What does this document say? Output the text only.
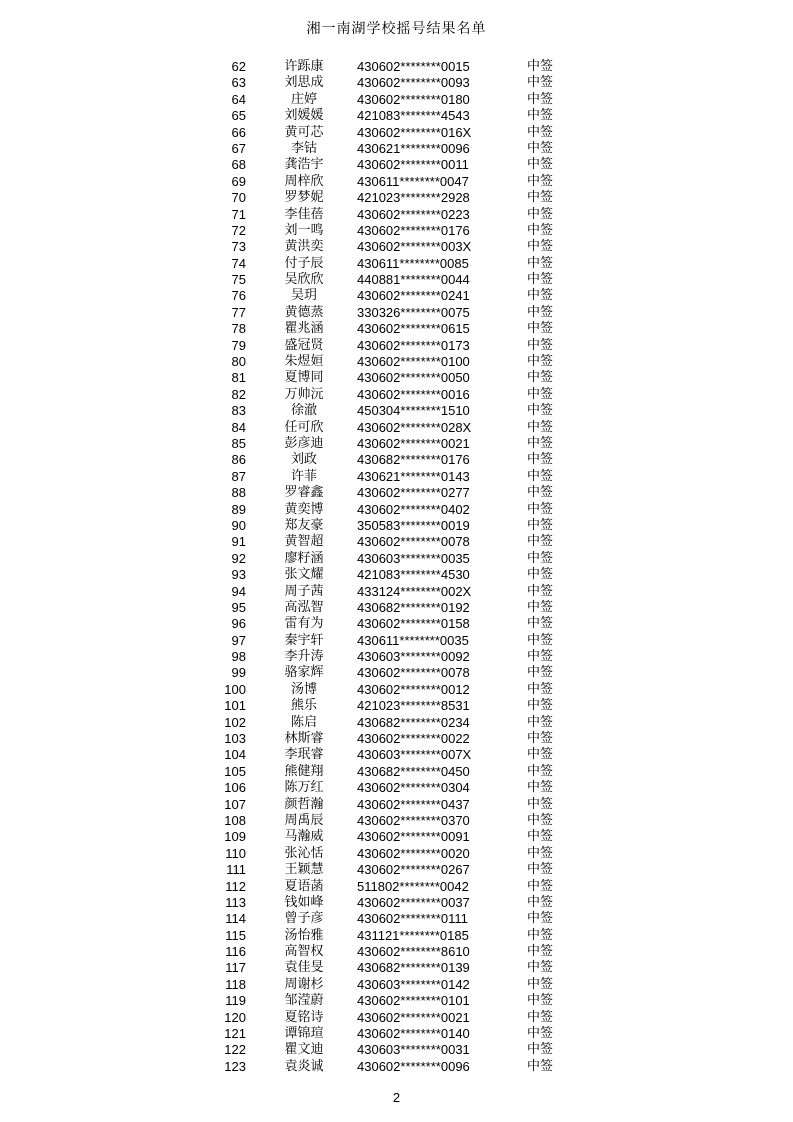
湘一南湖学校摇号结果名单
62	许跞康	430602********0015	中签
63	刘思成	430602********0093	中签
64	庄婷	430602********0180	中签
65	刘媛媛	421083********4543	中签
66	黄可芯	430602********016X	中签
67	李钴	430621********0096	中签
68	龚浩宇	430602********0011	中签
69	周梓欣	430611********0047	中签
70	罗梦妮	421023********2928	中签
71	李佳蓓	430602********0223	中签
72	刘一鸣	430602********0176	中签
73	黄洪奕	430602********003X	中签
74	付子辰	430611********0085	中签
75	吴欣欣	440881********0044	中签
76	吴玥	430602********0241	中签
77	黄德蒸	330326********0075	中签
78	瞿兆涵	430602********0615	中签
79	盛冠贤	430602********0173	中签
80	朱煜姮	430602********0100	中签
81	夏博同	430602********0050	中签
82	万帅沅	430602********0016	中签
83	徐澈	450304********1510	中签
84	任可欣	430602********028X	中签
85	彭彦迪	430602********0021	中签
86	刘政	430682********0176	中签
87	许菲	430621********0143	中签
88	罗睿鑫	430602********0277	中签
89	黄奕博	430602********0402	中签
90	郑友豪	350583********0019	中签
91	黄智超	430602********0078	中签
92	廖籽涵	430603********0035	中签
93	张文耀	421083********4530	中签
94	周子茜	433124********002X	中签
95	高泓智	430682********0192	中签
96	雷有为	430602********0158	中签
97	秦宇轩	430611********0035	中签
98	李升涛	430603********0092	中签
99	骆家辉	430602********0078	中签
100	汤博	430602********0012	中签
101	熊乐	421023********8531	中签
102	陈启	430682********0234	中签
103	林斯睿	430602********0022	中签
104	李珉睿	430603********007X	中签
105	熊健翔	430682********0450	中签
106	陈万红	430602********0304	中签
107	颜哲瀚	430602********0437	中签
108	周禹辰	430602********0370	中签
109	马瀚威	430602********0091	中签
110	张沁恬	430602********0020	中签
111	王颖慧	430602********0267	中签
112	夏语菡	511802********0042	中签
113	钱如峰	430602********0037	中签
114	曾子彦	430602********0111	中签
115	汤怡雅	431121********0185	中签
116	高智权	430602********8610	中签
117	袁佳旻	430682********0139	中签
118	周谢杉	430603********0142	中签
119	邹滢蔚	430602********0101	中签
120	夏铭诗	430602********0021	中签
121	谭锦瑄	430602********0140	中签
122	瞿文迪	430603********0031	中签
123	袁炎诚	430602********0096	中签
2
